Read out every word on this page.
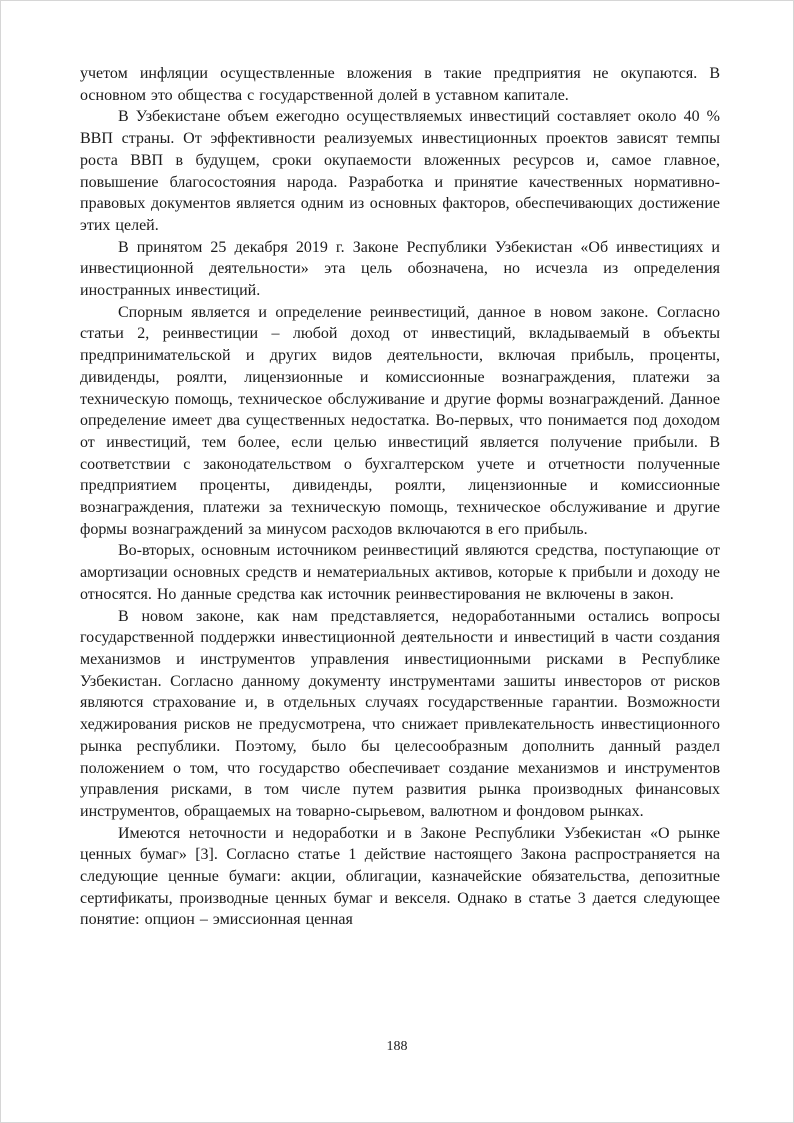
учетом инфляции осуществленные вложения в такие предприятия не окупаются. В основном это общества с государственной долей в уставном капитале.

В Узбекистане объем ежегодно осуществляемых инвестиций составляет около 40 % ВВП страны. От эффективности реализуемых инвестиционных проектов зависят темпы роста ВВП в будущем, сроки окупаемости вложенных ресурсов и, самое главное, повышение благосостояния народа. Разработка и принятие качественных нормативно-правовых документов является одним из основных факторов, обеспечивающих достижение этих целей.

В принятом 25 декабря 2019 г. Законе Республики Узбекистан «Об инвестициях и инвестиционной деятельности» эта цель обозначена, но исчезла из определения иностранных инвестиций.

Спорным является и определение реинвестиций, данное в новом законе. Согласно статьи 2, реинвестиции – любой доход от инвестиций, вкладываемый в объекты предпринимательской и других видов деятельности, включая прибыль, проценты, дивиденды, роялти, лицензионные и комиссионные вознаграждения, платежи за техническую помощь, техническое обслуживание и другие формы вознаграждений. Данное определение имеет два существенных недостатка. Во-первых, что понимается под доходом от инвестиций, тем более, если целью инвестиций является получение прибыли. В соответствии с законодательством о бухгалтерском учете и отчетности полученные предприятием проценты, дивиденды, роялти, лицензионные и комиссионные вознаграждения, платежи за техническую помощь, техническое обслуживание и другие формы вознаграждений за минусом расходов включаются в его прибыль.

Во-вторых, основным источником реинвестиций являются средства, поступающие от амортизации основных средств и нематериальных активов, которые к прибыли и доходу не относятся. Но данные средства как источник реинвестирования не включены в закон.

В новом законе, как нам представляется, недоработанными остались вопросы государственной поддержки инвестиционной деятельности и инвестиций в части создания механизмов и инструментов управления инвестиционными рисками в Республике Узбекистан. Согласно данному документу инструментами зашиты инвесторов от рисков являются страхование и, в отдельных случаях государственные гарантии. Возможности хеджирования рисков не предусмотрена, что снижает привлекательность инвестиционного рынка республики. Поэтому, было бы целесообразным дополнить данный раздел положением о том, что государство обеспечивает создание механизмов и инструментов управления рисками, в том числе путем развития рынка производных финансовых инструментов, обращаемых на товарно-сырьевом, валютном и фондовом рынках.

Имеются неточности и недоработки и в Законе Республики Узбекистан «О рынке ценных бумаг» [3]. Согласно статье 1 действие настоящего Закона распространяется на следующие ценные бумаги: акции, облигации, казначейские обязательства, депозитные сертификаты, производные ценных бумаг и векселя. Однако в статье 3 дается следующее понятие: опцион – эмиссионная ценная

188
